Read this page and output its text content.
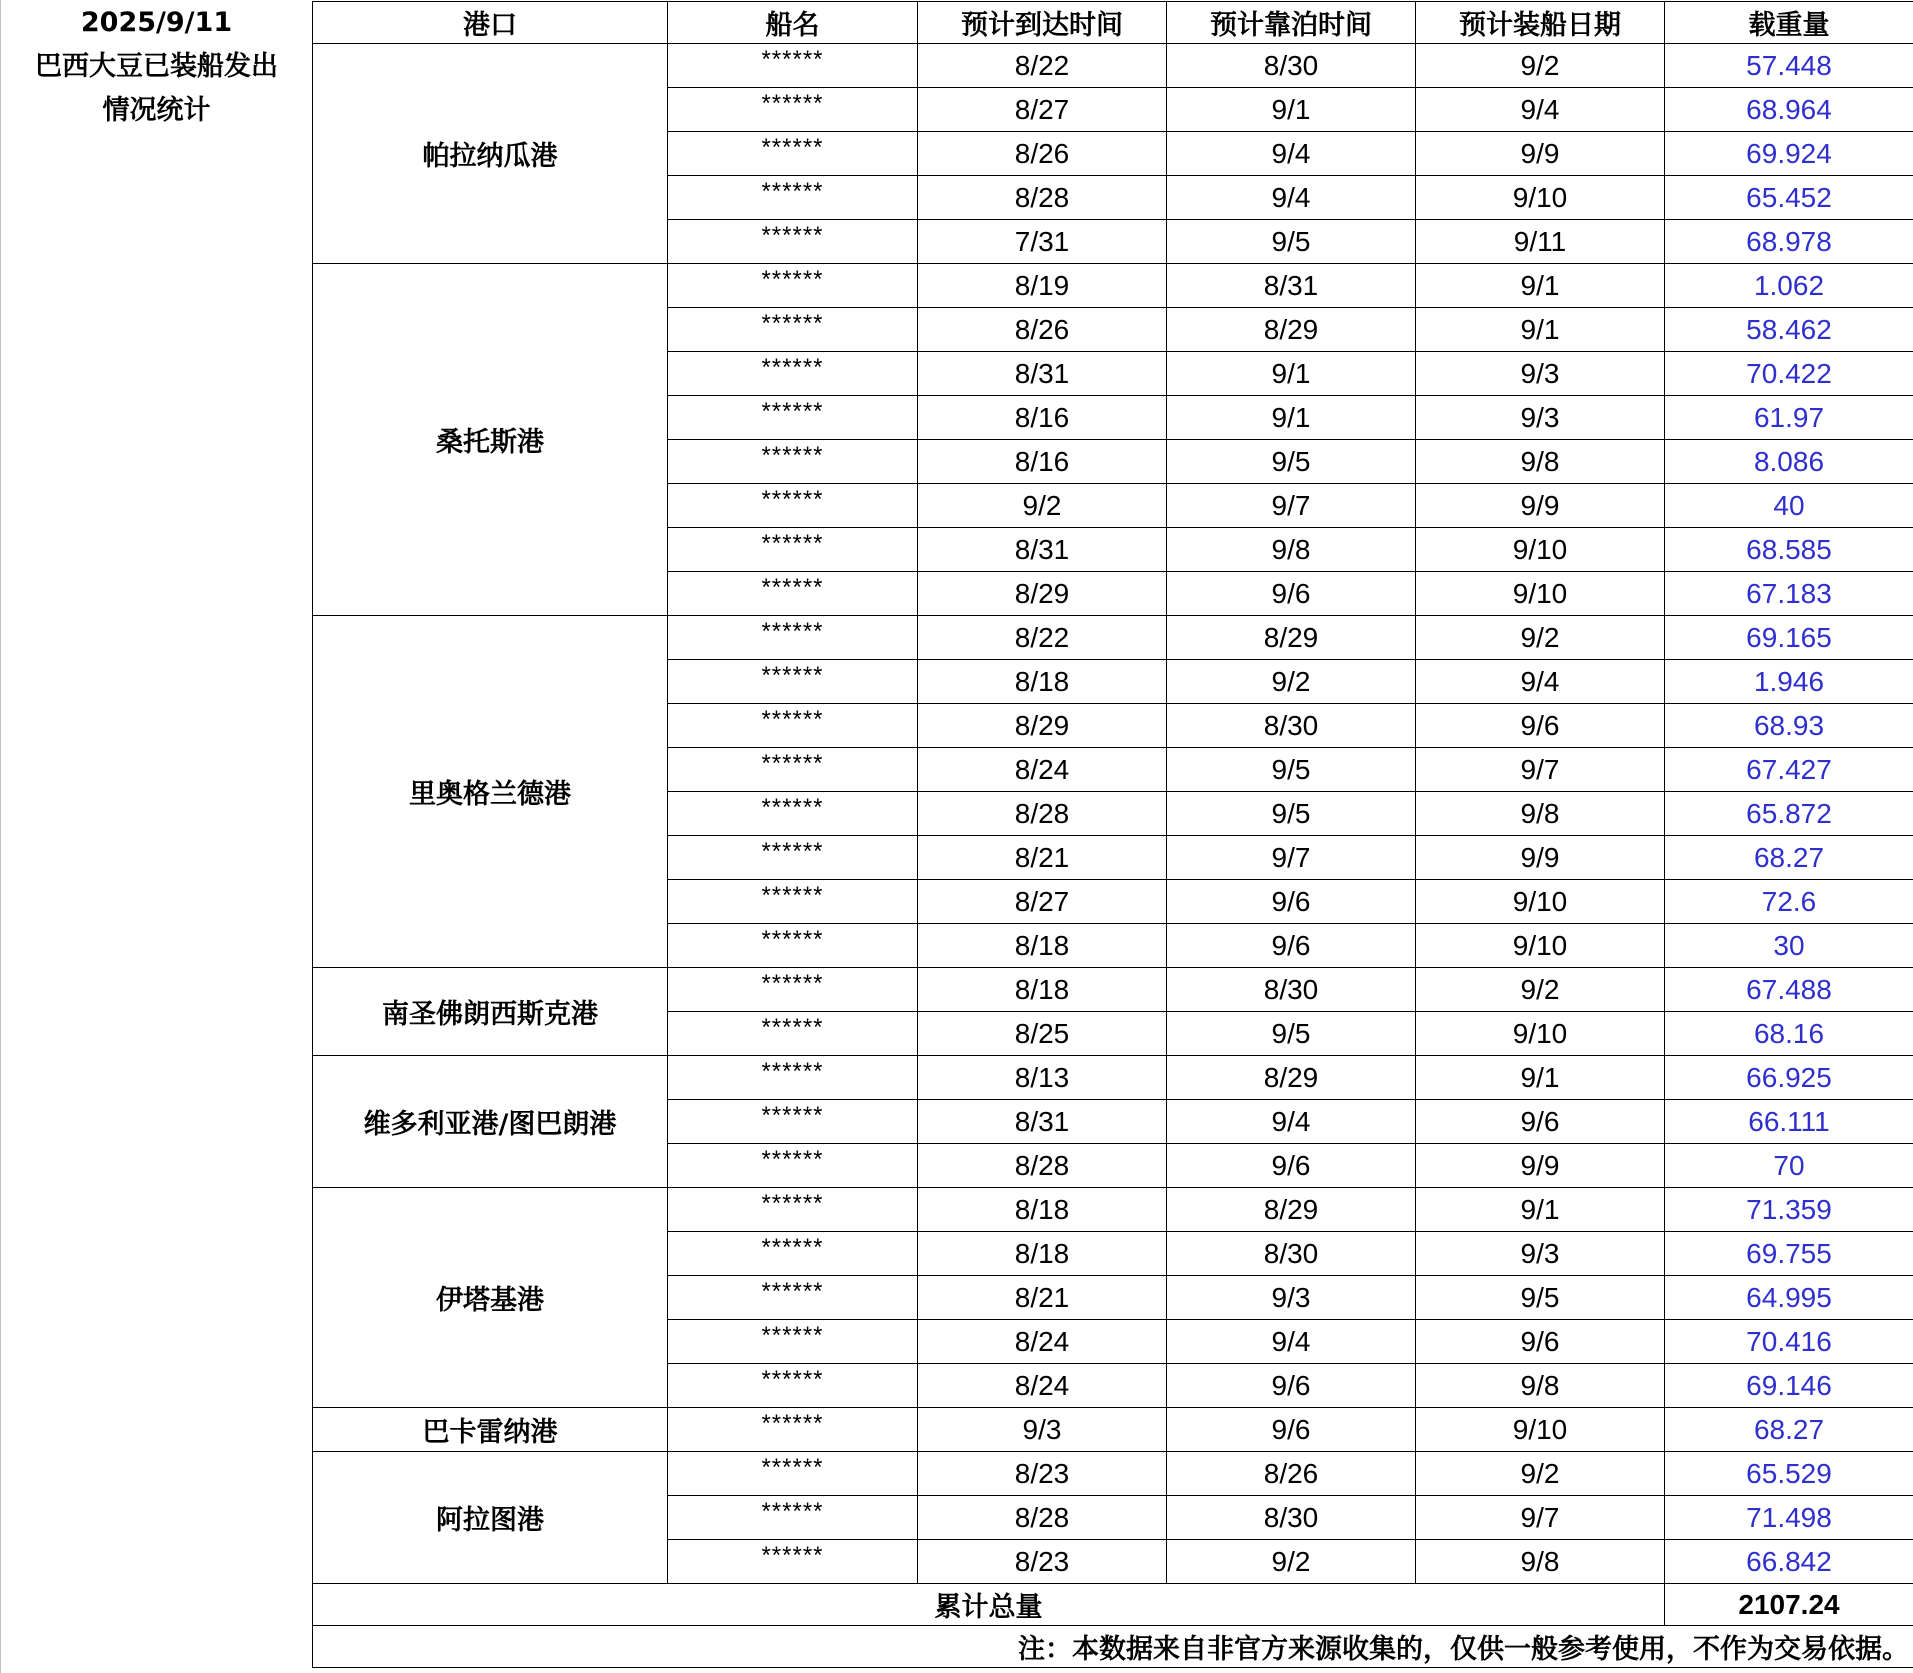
2025/9/11
巴西大豆已装船发出
情况统计
港口	船名	预计到达时间	预计靠泊时间	预计装船日期	载重量
帕拉纳瓜港	******	8/22	8/30	9/2	57.448
	******	8/27	9/1	9/4	68.964
	******	8/26	9/4	9/9	69.924
	******	8/28	9/4	9/10	65.452
	******	7/31	9/5	9/11	68.978
桑托斯港	******	8/19	8/31	9/1	1.062
	******	8/26	8/29	9/1	58.462
	******	8/31	9/1	9/3	70.422
	******	8/16	9/1	9/3	61.97
	******	8/16	9/5	9/8	8.086
	******	9/2	9/7	9/9	40
	******	8/31	9/8	9/10	68.585
	******	8/29	9/6	9/10	67.183
里奥格兰德港	******	8/22	8/29	9/2	69.165
	******	8/18	9/2	9/4	1.946
	******	8/29	8/30	9/6	68.93
	******	8/24	9/5	9/7	67.427
	******	8/28	9/5	9/8	65.872
	******	8/21	9/7	9/9	68.27
	******	8/27	9/6	9/10	72.6
	******	8/18	9/6	9/10	30
南圣佛朗西斯克港	******	8/18	8/30	9/2	67.488
	******	8/25	9/5	9/10	68.16
维多利亚港/图巴朗港	******	8/13	8/29	9/1	66.925
	******	8/31	9/4	9/6	66.111
	******	8/28	9/6	9/9	70
伊塔基港	******	8/18	8/29	9/1	71.359
	******	8/18	8/30	9/3	69.755
	******	8/21	9/3	9/5	64.995
	******	8/24	9/4	9/6	70.416
	******	8/24	9/6	9/8	69.146
巴卡雷纳港	******	9/3	9/6	9/10	68.27
阿拉图港	******	8/23	8/26	9/2	65.529
	******	8/28	8/30	9/7	71.498
	******	8/23	9/2	9/8	66.842
累计总量					2107.24
注：本数据来自非官方来源收集的，仅供一般参考使用，不作为交易依据。					
